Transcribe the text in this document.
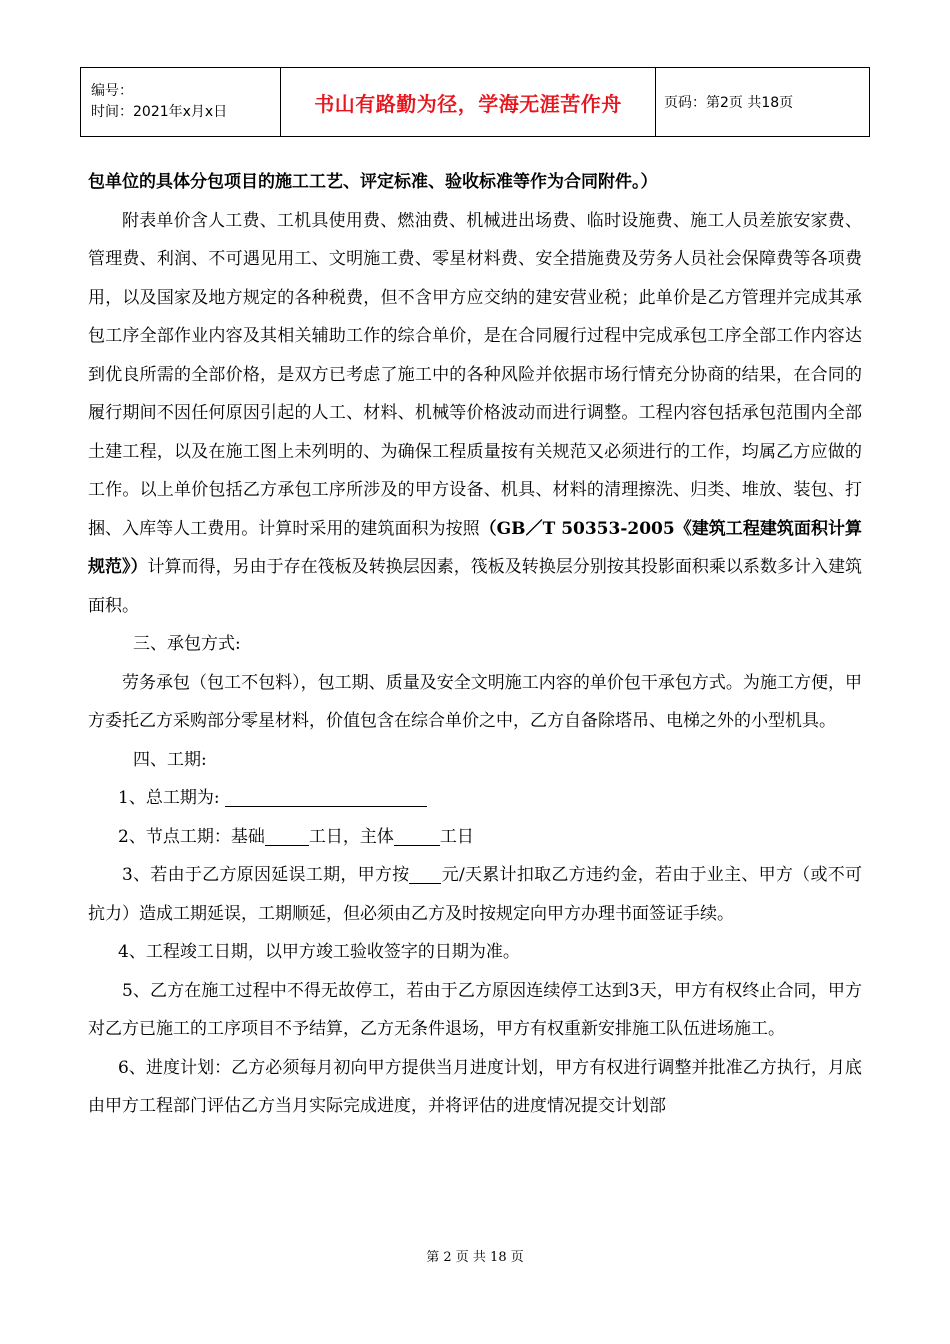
编号：
时间：2021年x月x日	书山有路勤为径，学海无涯苦作舟	页码：第2页 共18页

包单位的具体分包项目的施工工艺、评定标准、验收标准等作为合同附件。）

附表单价含人工费、工机具使用费、燃油费、机械进出场费、临时设施费、施工人员差旅安家费、管理费、利润、不可遇见用工、文明施工费、零星材料费、安全措施费及劳务人员社会保障费等各项费用，以及国家及地方规定的各种税费，但不含甲方应交纳的建安营业税；此单价是乙方管理并完成其承包工序全部作业内容及其相关辅助工作的综合单价，是在合同履行过程中完成承包工序全部工作内容达到优良所需的全部价格，是双方已考虑了施工中的各种风险并依据市场行情充分协商的结果，在合同的履行期间不因任何原因引起的人工、材料、机械等价格波动而进行调整。工程内容包括承包范围内全部土建工程，以及在施工图上未列明的、为确保工程质量按有关规范又必须进行的工作，均属乙方应做的工作。以上单价包括乙方承包工序所涉及的甲方设备、机具、材料的清理擦洗、归类、堆放、装包、打捆、入库等人工费用。计算时采用的建筑面积为按照（GB／T 50353-2005《建筑工程建筑面积计算规范》）计算而得，另由于存在筏板及转换层因素，筏板及转换层分别按其投影面积乘以系数多计入建筑面积。

三、承包方式:

劳务承包（包工不包料），包工期、质量及安全文明施工内容的单价包干承包方式。为施工方便，甲方委托乙方采购部分零星材料，价值包含在综合单价之中，乙方自备除塔吊、电梯之外的小型机具。

四、工期:

1、总工期为:

2、节点工期：基础	工日，主体	工日

3、若由于乙方原因延误工期，甲方按 元/天累计扣取乙方违约金，若由于业主、甲方（或不可抗力）造成工期延误，工期顺延，但必须由乙方及时按规定向甲方办理书面签证手续。

4、工程竣工日期，以甲方竣工验收签字的日期为准。

5、乙方在施工过程中不得无故停工，若由于乙方原因连续停工达到3天，甲方有权终止合同，甲方对乙方已施工的工序项目不予结算，乙方无条件退场，甲方有权重新安排施工队伍进场施工。

6、进度计划：乙方必须每月初向甲方提供当月进度计划，甲方有权进行调整并批准乙方执行，月底由甲方工程部门评估乙方当月实际完成进度，并将评估的进度情况提交计划部

第 2 页 共 18 页
